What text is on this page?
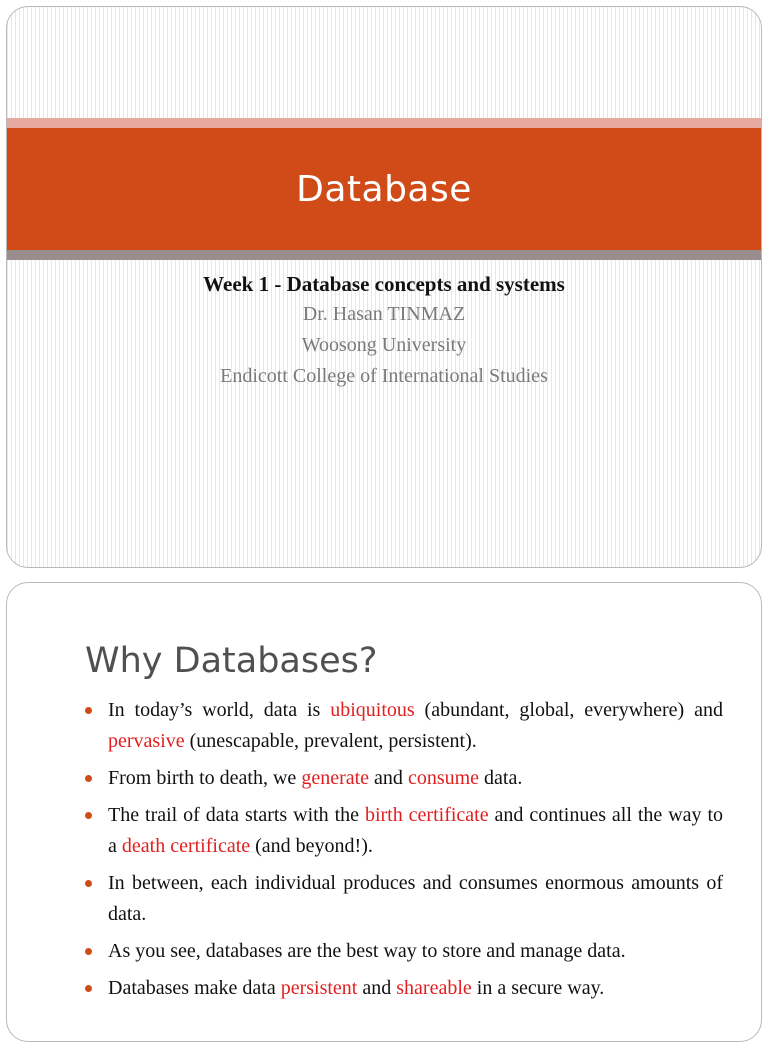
Database
Week 1 - Database concepts and systems
Dr. Hasan TINMAZ
Woosong University
Endicott College of International Studies
Why Databases?
In today’s world, data is ubiquitous (abundant, global, everywhere) and pervasive (unescapable, prevalent, persistent).
From birth to death, we generate and consume data.
The trail of data starts with the birth certificate and continues all the way to a death certificate (and beyond!).
In between, each individual produces and consumes enormous amounts of data.
As you see, databases are the best way to store and manage data.
Databases make data persistent and shareable in a secure way.
